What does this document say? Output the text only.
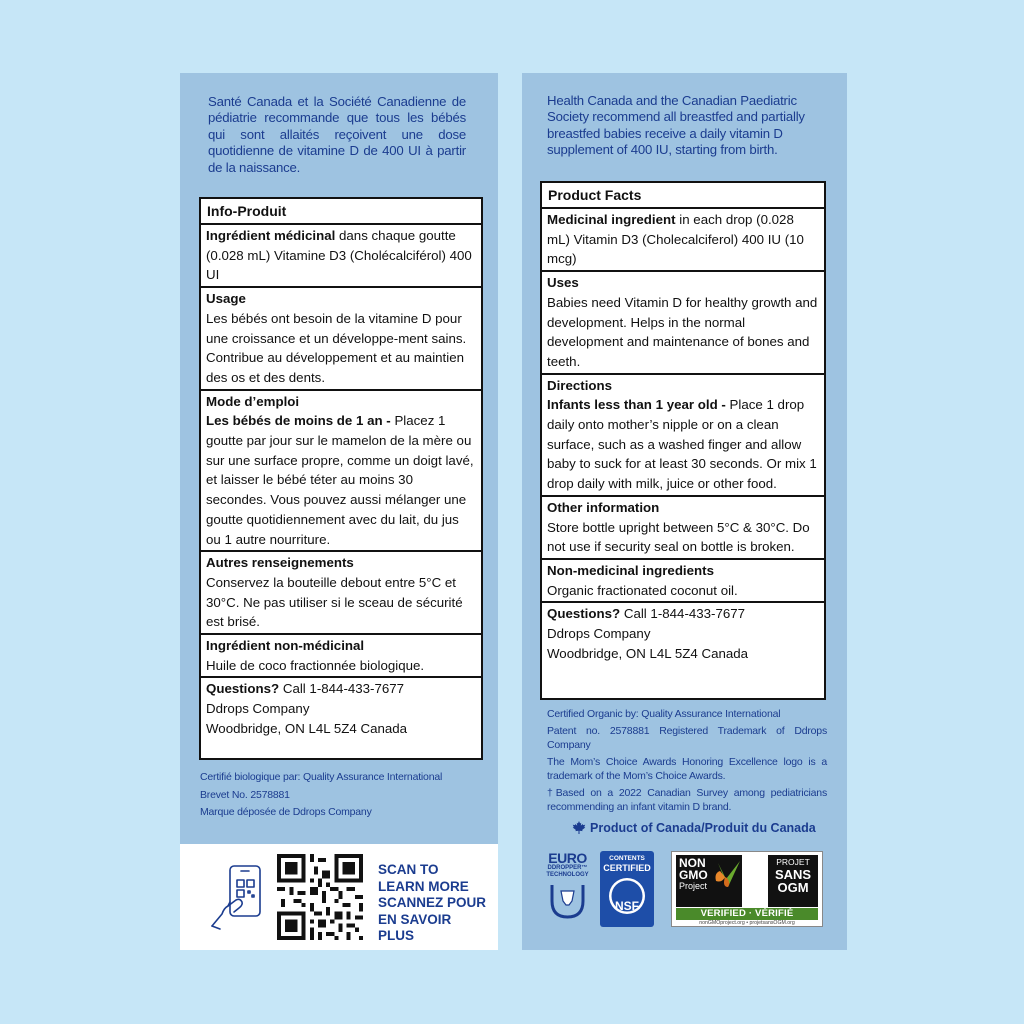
Santé Canada et la Société Canadienne de pédiatrie recommande que tous les bébés qui sont allaités reçoivent une dose quotidienne de vitamine D de 400 UI à partir de la naissance.
Info-Produit
Ingrédient médicinal dans chaque goutte (0.028 mL) Vitamine D3 (Cholécalciférol) 400 UI
Usage
Les bébés ont besoin de la vitamine D pour une croissance et un développe-ment sains. Contribue au développement et au maintien des os et des dents.
Mode d’emploi
Les bébés de moins de 1 an - Placez 1 goutte par jour sur le mamelon de la mère ou sur une surface propre, comme un doigt lavé, et laisser le bébé téter au moins 30 secondes. Vous pouvez aussi mélanger une goutte quotidiennement avec du lait, du jus ou 1 autre nourriture.
Autres renseignements
Conservez la bouteille debout entre 5°C et 30°C. Ne pas utiliser si le sceau de sécurité est brisé.
Ingrédient non-médicinal
Huile de coco fractionnée biologique.
Questions? Call 1-844-433-7677
Ddrops Company
Woodbridge, ON L4L 5Z4 Canada
Certifié biologique par: Quality Assurance International
Brevet No. 2578881
Marque déposée de Ddrops Company
SCAN TO
LEARN MORE
SCANNEZ POUR
EN SAVOIR PLUS
Health Canada and the Canadian Paediatric Society recommend all breastfed and partially breastfed babies receive a daily vitamin D supplement of 400 IU, starting from birth.
Product Facts
Medicinal ingredient in each drop (0.028 mL) Vitamin D3 (Cholecalciferol) 400 IU (10 mcg)
Uses
Babies need Vitamin D for healthy growth and development. Helps in the normal development and maintenance of bones and teeth.
Directions
Infants less than 1 year old - Place 1 drop daily onto mother’s nipple or on a clean surface, such as a washed finger and allow baby to suck for at least 30 seconds. Or mix 1 drop daily with milk, juice or other food.
Other information
Store bottle upright between 5°C & 30°C. Do not use if security seal on bottle is broken.
Non-medicinal ingredients
Organic fractionated coconut oil.
Questions? Call 1-844-433-7677
Ddrops Company
Woodbridge, ON L4L 5Z4 Canada
Certified Organic by: Quality Assurance International
Patent no. 2578881 Registered Trademark of Ddrops Company
The Mom’s Choice Awards Honoring Excellence logo is a trademark of the Mom’s Choice Awards.
†Based on a 2022 Canadian Survey among pediatricians recommending an infant vitamin D brand.
Product of Canada/Produit du Canada
EURO
DDROPPER™
TECHNOLOGY
CONTENTS
CERTIFIED
NSF
NON
GMO
Project
PROJET
SANS
OGM
VERIFIED · VÉRIFIÉ
nonGMOproject.org • projetsansOGM.org
